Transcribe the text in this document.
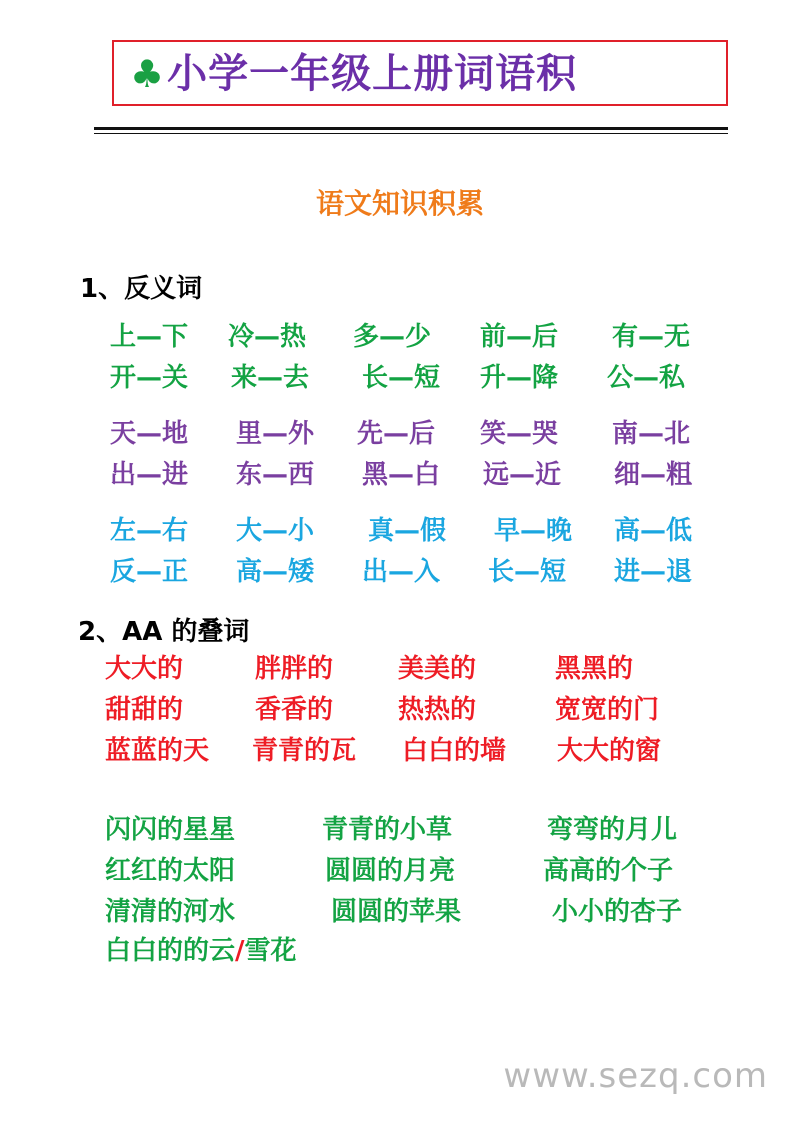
♣小学一年级上册词语积
语文知识积累
1、反义词
上—下 冷—热 多—少 前—后 有—无
开—关 来—去 长—短 升—降 公—私
天—地 里—外 先—后 笑—哭 南—北
出—进 东—西 黑—白 远—近 细—粗
左—右 大—小 真—假 早—晚 高—低
反—正 高—矮 出—入 长—短 进—退
2、AA 的叠词
大大的	胖胖的 美美的	黑黑的
甜甜的	香香的 热热的	宽宽的门
蓝蓝的天 青青的瓦 白白的墙 大大的窗
闪闪的星星	青青的小草	弯弯的月儿
红红的太阳	圆圆的月亮	高高的个子
清清的河水	圆圆的苹果	小小的杏子
白白的的云/雪花
www.sezq.com
